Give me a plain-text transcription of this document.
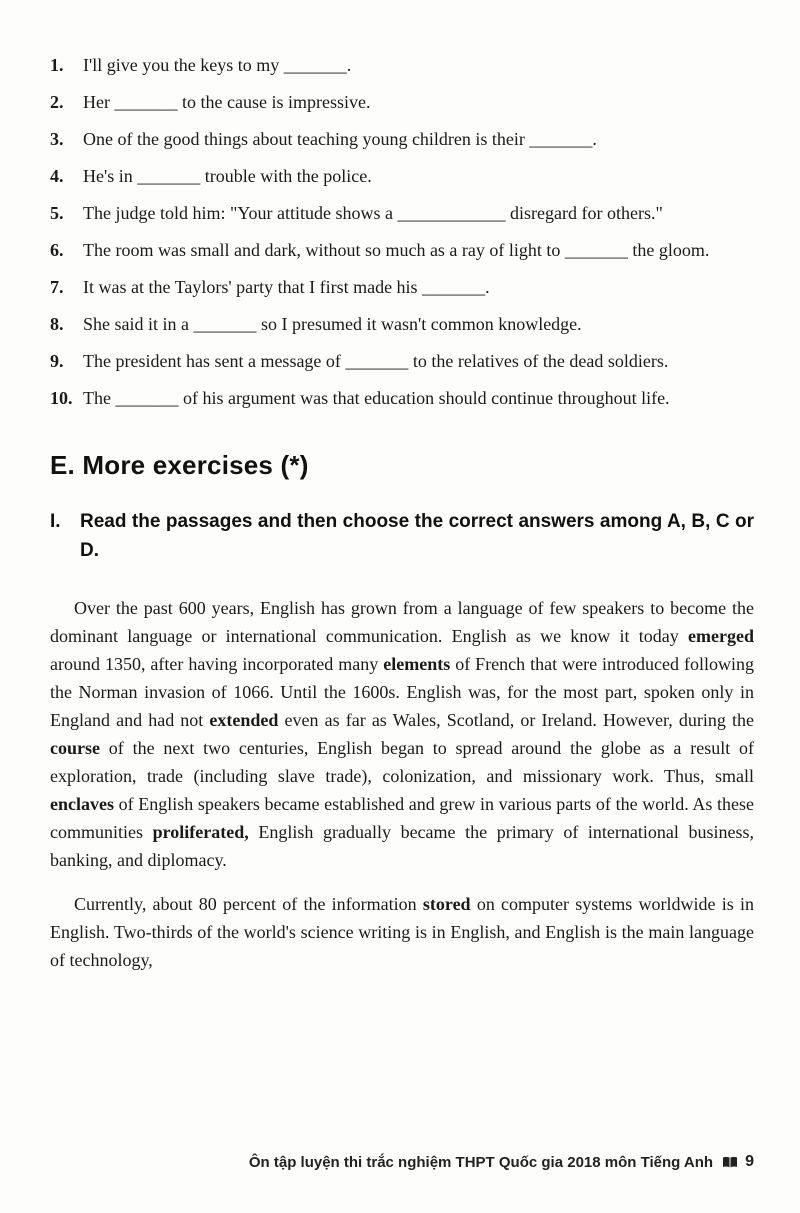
1.	I'll give you the keys to my _______.
2.	Her _______ to the cause is impressive.
3.	One of the good things about teaching young children is their _______.
4.	He's in _______ trouble with the police.
5.	The judge told him: "Your attitude shows a ____________ disregard for others."
6.	The room was small and dark, without so much as a ray of light to _______ the gloom.
7.	It was at the Taylors' party that I first made his _______.
8.	She said it in a _______ so I presumed it wasn't common knowledge.
9.	The president has sent a message of _______ to the relatives of the dead soldiers.
10. The _______ of his argument was that education should continue throughout life.
E. More exercises (*)
I.	Read the passages and then choose the correct answers among A, B, C or D.

Over the past 600 years, English has grown from a language of few speakers to become the dominant language or international communication. English as we know it today emerged around 1350, after having incorporated many elements of French that were introduced following the Norman invasion of 1066. Until the 1600s. English was, for the most part, spoken only in England and had not extended even as far as Wales, Scotland, or Ireland. However, during the course of the next two centuries, English began to spread around the globe as a result of exploration, trade (including slave trade), colonization, and missionary work. Thus, small enclaves of English speakers became established and grew in various parts of the world. As these communities proliferated, English gradually became the primary of international business, banking, and diplomacy.

Currently, about 80 percent of the information stored on computer systems worldwide is in English. Two-thirds of the world's science writing is in English, and English is the main language of technology,

Ôn tập luyện thi trắc nghiệm THPT Quốc gia 2018 môn Tiếng Anh 9
